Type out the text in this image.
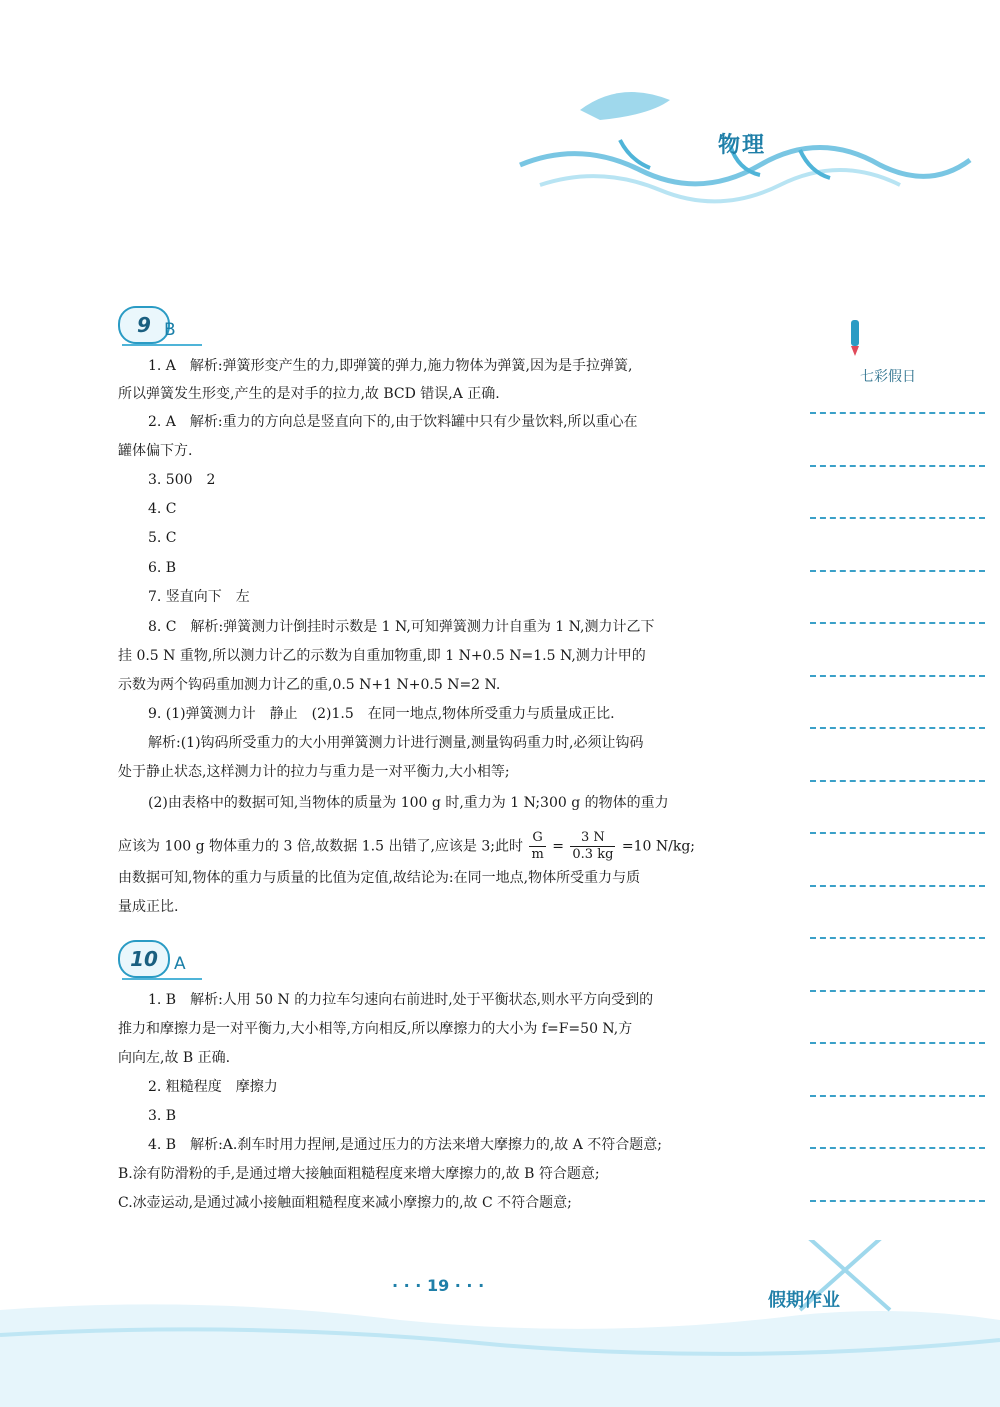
物理
七彩假日
9 B
1. A　解析:弹簧形变产生的力,即弹簧的弹力,施力物体为弹簧,因为是手拉弹簧,
所以弹簧发生形变,产生的是对手的拉力,故 BCD 错误,A 正确.
2. A　解析:重力的方向总是竖直向下的,由于饮料罐中只有少量饮料,所以重心在
罐体偏下方.
3. 500　2
4. C
5. C
6. B
7. 竖直向下　左
8. C　解析:弹簧测力计倒挂时示数是 1 N,可知弹簧测力计自重为 1 N,测力计乙下
挂 0.5 N 重物,所以测力计乙的示数为自重加物重,即 1 N+0.5 N=1.5 N,测力计甲的
示数为两个钩码重加测力计乙的重,0.5 N+1 N+0.5 N=2 N.
9. (1)弹簧测力计　静止　(2)1.5　在同一地点,物体所受重力与质量成正比.
解析:(1)钩码所受重力的大小用弹簧测力计进行测量,测量钩码重力时,必须让钩码
处于静止状态,这样测力计的拉力与重力是一对平衡力,大小相等;
(2)由表格中的数据可知,当物体的质量为 100 g 时,重力为 1 N;300 g 的物体的重力
应该为 100 g 物体重力的 3 倍,故数据 1.5 出错了,应该是 3;此时 $\frac{G}{m} = \frac{3 N}{0.3 kg} =10$ N/kg;
由数据可知,物体的重力与质量的比值为定值,故结论为:在同一地点,物体所受重力与质
量成正比.
10 A
1. B　解析:人用 50 N 的力拉车匀速向右前进时,处于平衡状态,则水平方向受到的
推力和摩擦力是一对平衡力,大小相等,方向相反,所以摩擦力的大小为 f=F=50 N,方
向向左,故 B 正确.
2. 粗糙程度　摩擦力
3. B
4. B　解析:A.刹车时用力捏闸,是通过压力的方法来增大摩擦力的,故 A 不符合题意;
B.涂有防滑粉的手,是通过增大接触面粗糙程度来增大摩擦力的,故 B 符合题意;
C.冰壶运动,是通过减小接触面粗糙程度来减小摩擦力的,故 C 不符合题意;
· · · 19 · · ·
假期作业
